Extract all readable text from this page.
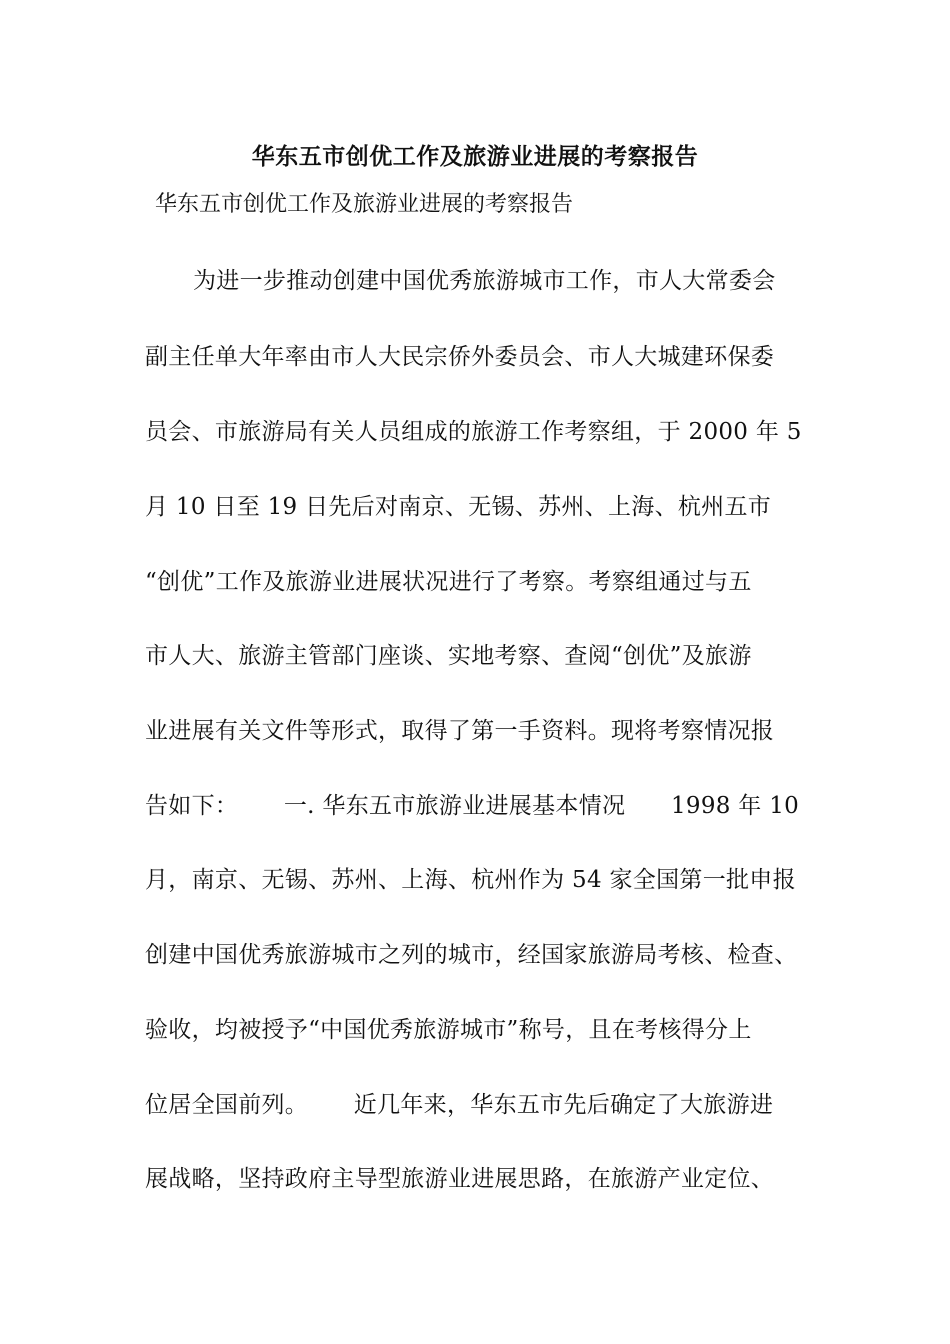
华东五市创优工作及旅游业进展的考察报告
华东五市创优工作及旅游业进展的考察报告
为进一步推动创建中国优秀旅游城市工作，市人大常委会
副主任单大年率由市人大民宗侨外委员会、市人大城建环保委
员会、市旅游局有关人员组成的旅游工作考察组，于 2000 年 5
月 10 日至 19 日先后对南京、无锡、苏州、上海、杭州五市
“创优”工作及旅游业进展状况进行了考察。考察组通过与五
市人大、旅游主管部门座谈、实地考察、查阅“创优”及旅游
业进展有关文件等形式，取得了第一手资料。现将考察情况报
告如下：      一. 华东五市旅游业进展基本情况      1998 年 10
月，南京、无锡、苏州、上海、杭州作为 54 家全国第一批申报
创建中国优秀旅游城市之列的城市，经国家旅游局考核、检查、
验收，均被授予“中国优秀旅游城市”称号，且在考核得分上
位居全国前列。      近几年来，华东五市先后确定了大旅游进
展战略，坚持政府主导型旅游业进展思路，在旅游产业定位、
